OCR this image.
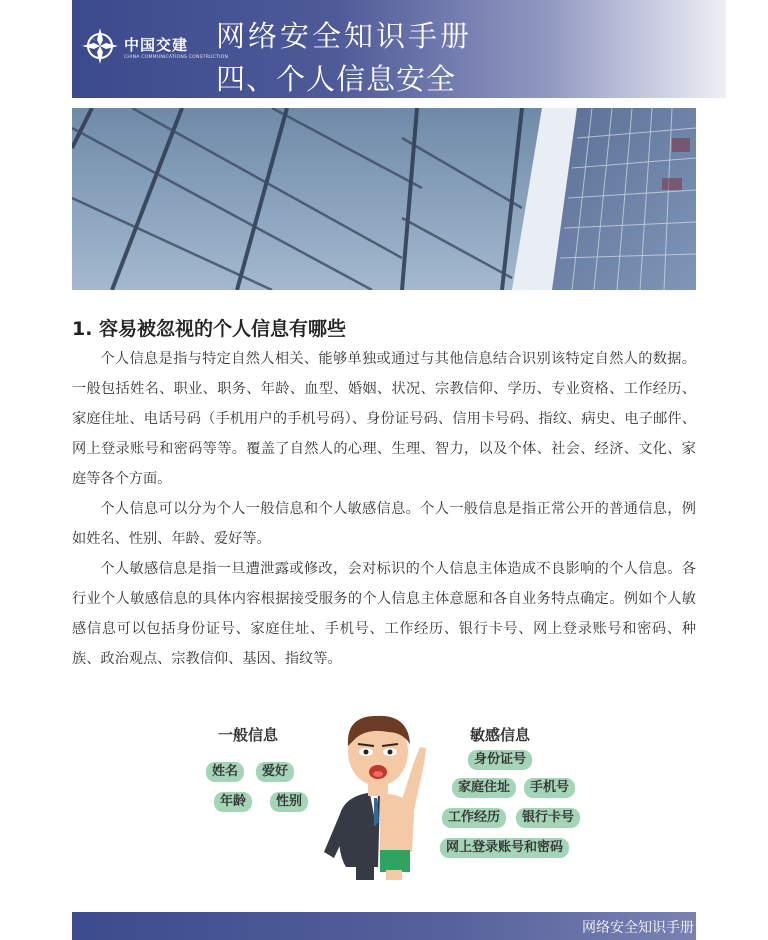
中国交建
CHINA COMMUNICATIONS CONSTRUCTION
网络安全知识手册
四、个人信息安全
1. 容易被忽视的个人信息有哪些

个人信息是指与特定自然人相关、能够单独或通过与其他信息结合识别该特定自然人的数据。一般包括姓名、职业、职务、年龄、血型、婚姻、状况、宗教信仰、学历、专业资格、工作经历、家庭住址、电话号码（手机用户的手机号码）、身份证号码、信用卡号码、指纹、病史、电子邮件、网上登录账号和密码等等。覆盖了自然人的心理、生理、智力，以及个体、社会、经济、文化、家庭等各个方面。

个人信息可以分为个人一般信息和个人敏感信息。个人一般信息是指正常公开的普通信息，例如姓名、性别、年龄、爱好等。

个人敏感信息是指一旦遭泄露或修改，会对标识的个人信息主体造成不良影响的个人信息。各行业个人敏感信息的具体内容根据接受服务的个人信息主体意愿和各自业务特点确定。例如个人敏感信息可以包括身份证号、家庭住址、手机号、工作经历、银行卡号、网上登录账号和密码、种族、政治观点、宗教信仰、基因、指纹等。

一般信息
姓名	爱好
年龄	性别
敏感信息
身份证号
家庭住址	手机号
工作经历	银行卡号
网上登录账号和密码
网络安全知识手册
